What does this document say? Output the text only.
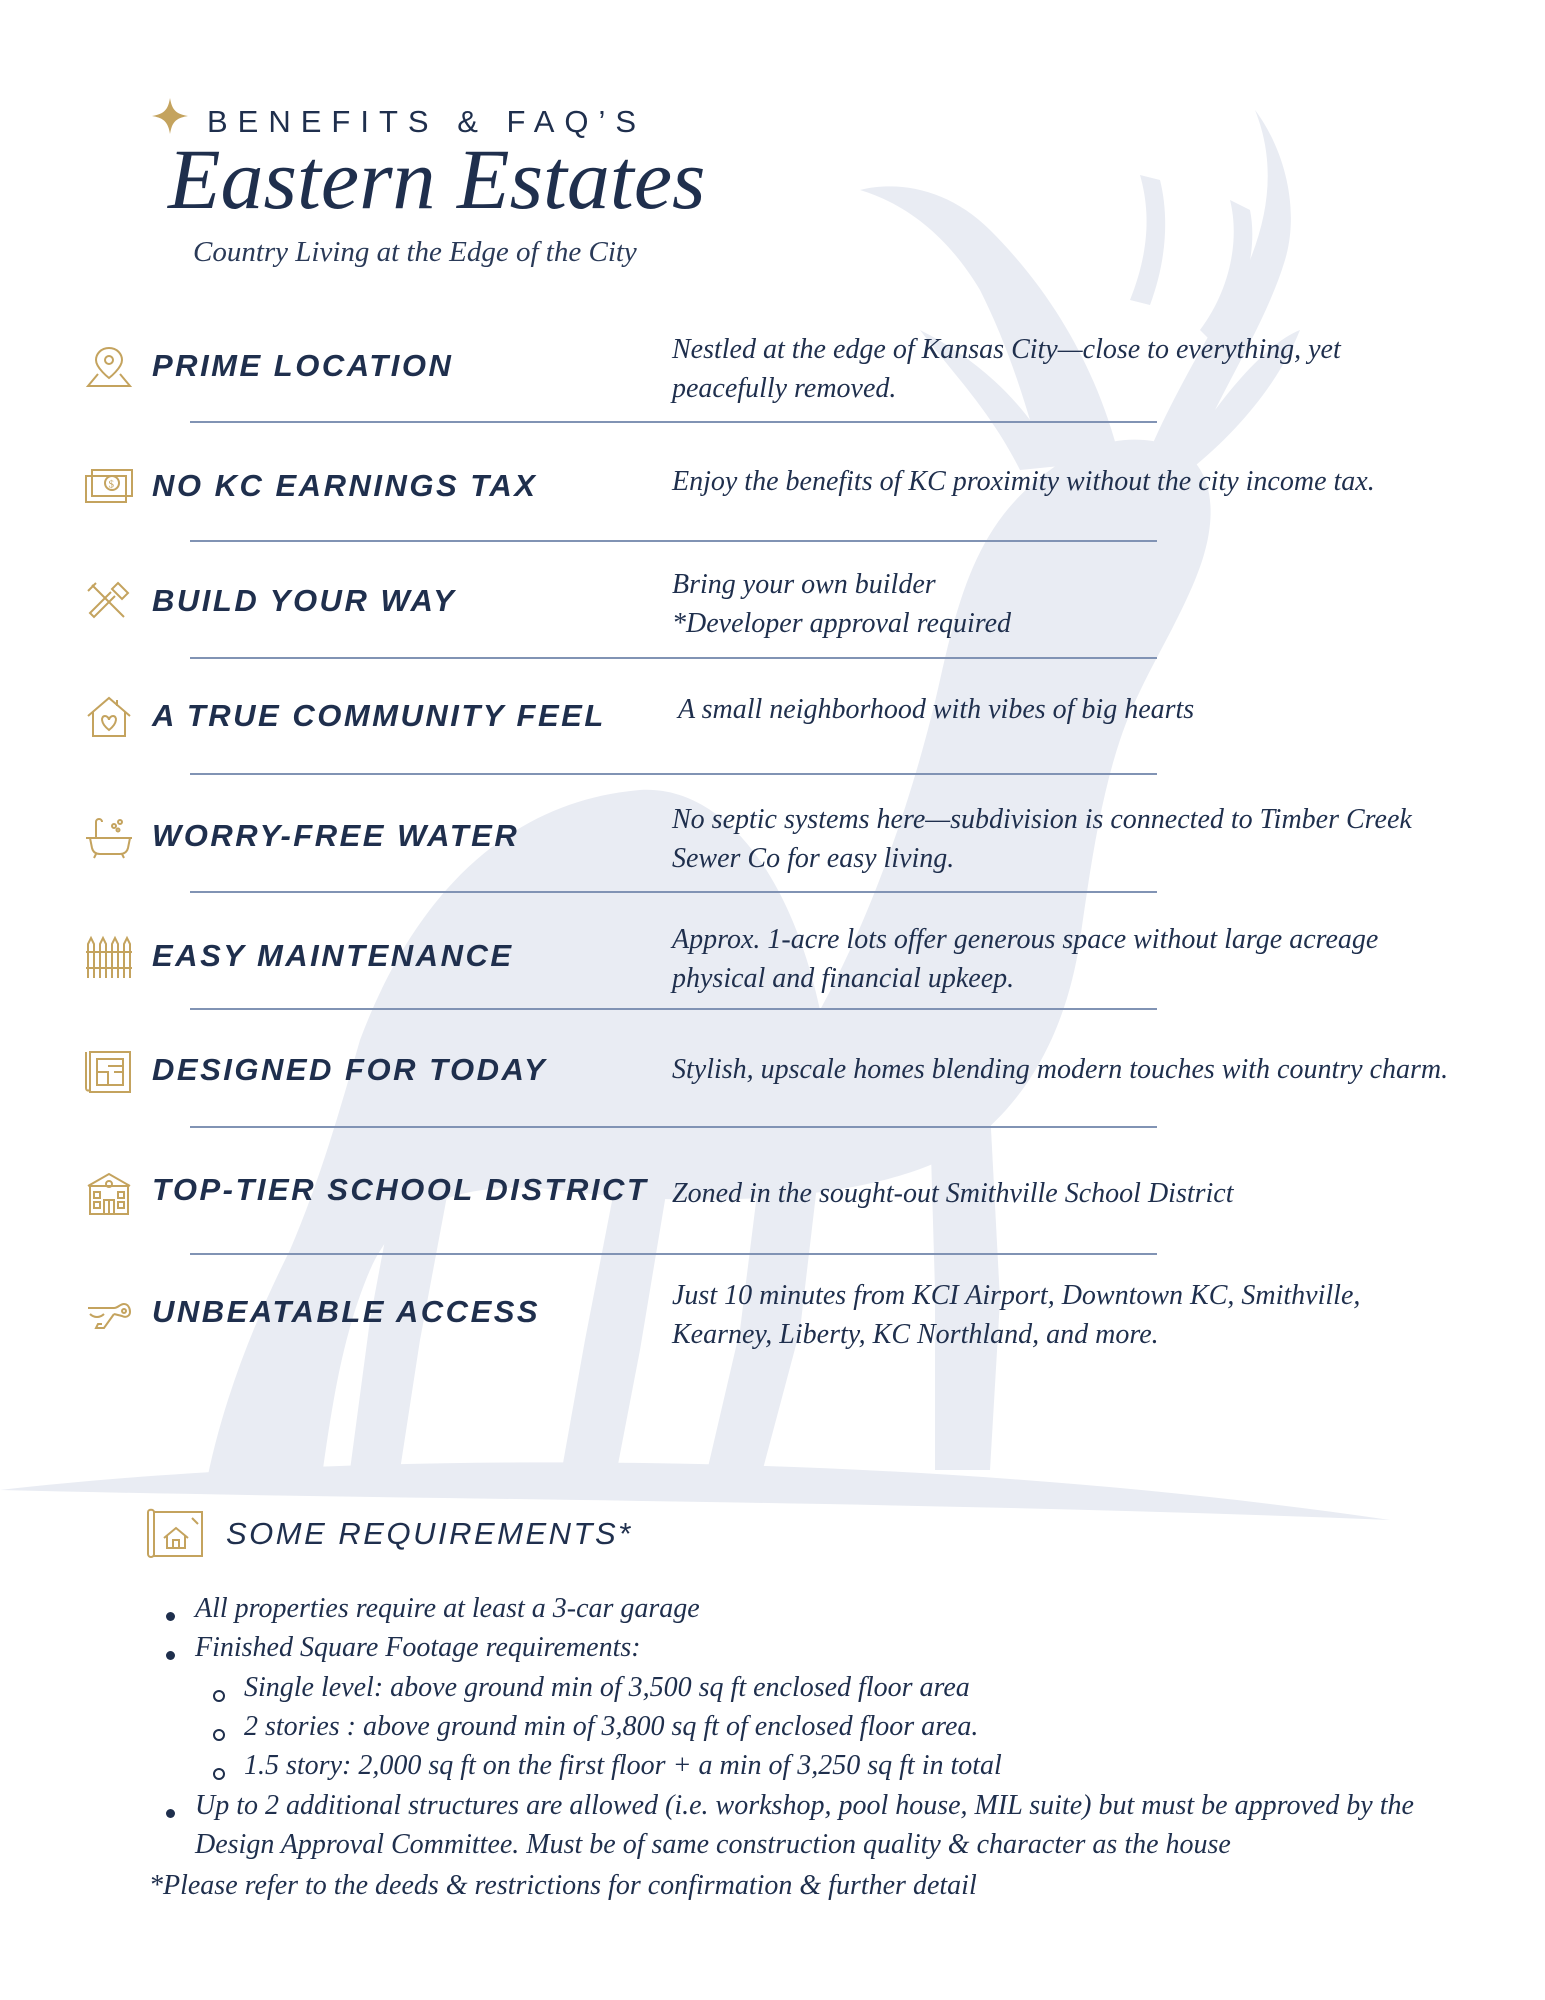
BENEFITS & FAQ’S
Eastern Estates
Country Living at the Edge of the City
PRIME LOCATION	Nestled at the edge of Kansas City—close to everything, yet
peacefully removed.
$ NO KC EARNINGS TAX	Enjoy the benefits of KC proximity without the city income tax.
BUILD YOUR WAY	Bring your own builder
*Developer approval required
A TRUE COMMUNITY FEEL	A small neighborhood with vibes of big hearts
WORRY-FREE WATER	No septic systems here—subdivision is connected to Timber Creek
Sewer Co for easy living.
EASY MAINTENANCE	Approx. 1-acre lots offer generous space without large acreage
physical and financial upkeep.
DESIGNED FOR TODAY	Stylish, upscale homes blending modern touches with country charm.
TOP-TIER SCHOOL DISTRICT Zoned in the sought-out Smithville School District
UNBEATABLE ACCESS	Just 10 minutes from KCI Airport, Downtown KC, Smithville,
Kearney, Liberty, KC Northland, and more.
SOME REQUIREMENTS*
All properties require at least a 3-car garage
Finished Square Footage requirements:
Single level: above ground min of 3,500 sq ft enclosed floor area
2 stories : above ground min of 3,800 sq ft of enclosed floor area.
1.5 story: 2,000 sq ft on the first floor + a min of 3,250 sq ft in total
Up to 2 additional structures are allowed (i.e. workshop, pool house, MIL suite) but must be approved by the
Design Approval Committee. Must be of same construction quality & character as the house
*Please refer to the deeds & restrictions for confirmation & further detail
